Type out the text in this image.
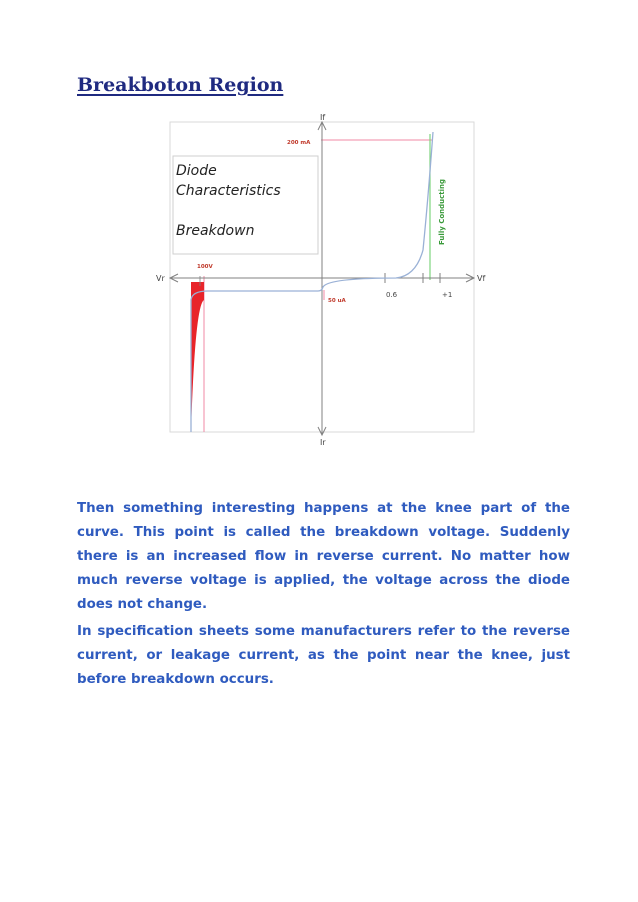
Breakboton Region
Diode
Characteristics
Breakdown	Fully Conducting
If
Ir
Vr	Vf
200 mA
50 uA
100V
0.6	+1

Then something interesting happens at the knee part of the curve. This point is called the breakdown voltage. Suddenly there is an increased flow in reverse current. No matter how much reverse voltage is applied, the voltage across the diode does not change.

In specification sheets some manufacturers refer to the reverse current, or leakage current, as the point near the knee, just before breakdown occurs.
